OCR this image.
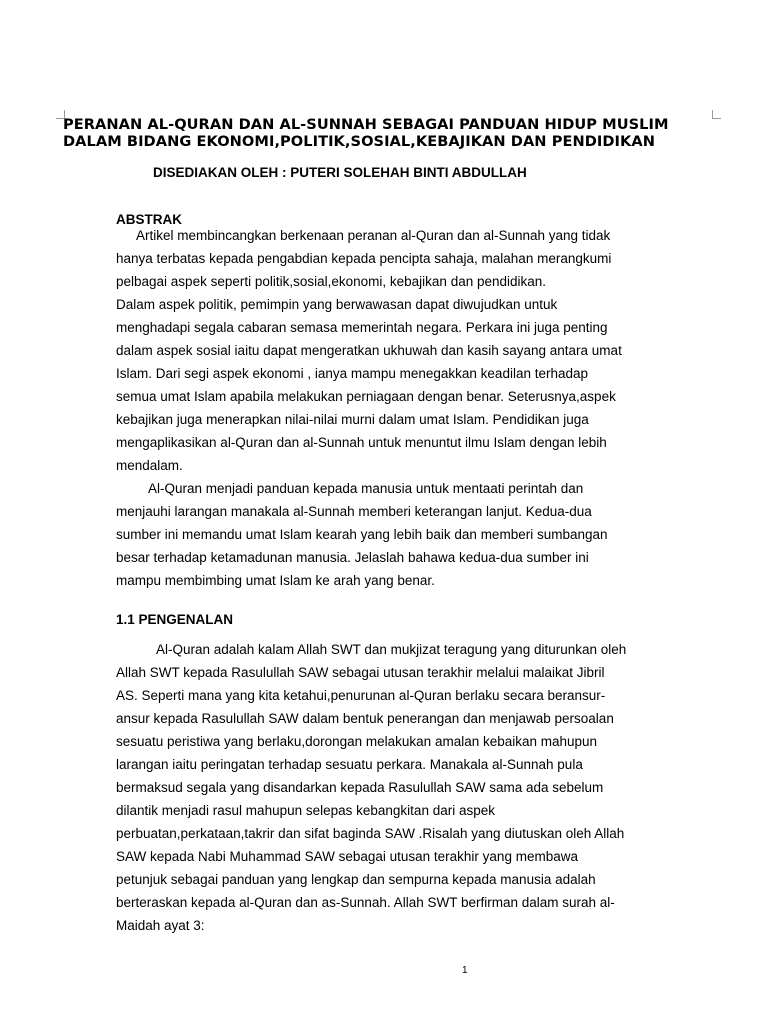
PERANAN AL-QURAN DAN AL-SUNNAH SEBAGAI PANDUAN HIDUP MUSLIM
DALAM BIDANG EKONOMI,POLITIK,SOSIAL,KEBAJIKAN DAN PENDIDIKAN
DISEDIAKAN OLEH : PUTERI SOLEHAH BINTI ABDULLAH
ABSTRAK
Artikel membincangkan berkenaan peranan al-Quran dan al-Sunnah yang tidak
hanya terbatas kepada pengabdian kepada pencipta sahaja, malahan merangkumi
pelbagai aspek seperti politik,sosial,ekonomi, kebajikan dan pendidikan.
Dalam aspek politik, pemimpin yang berwawasan dapat diwujudkan untuk
menghadapi segala cabaran semasa memerintah negara. Perkara ini juga penting
dalam aspek sosial iaitu dapat mengeratkan ukhuwah dan kasih sayang antara umat
Islam. Dari segi aspek ekonomi , ianya mampu menegakkan keadilan terhadap
semua umat Islam apabila melakukan perniagaan dengan benar. Seterusnya,aspek
kebajikan juga menerapkan nilai-nilai murni dalam umat Islam. Pendidikan juga
mengaplikasikan al-Quran dan al-Sunnah untuk menuntut ilmu Islam dengan lebih
mendalam.
Al-Quran menjadi panduan kepada manusia untuk mentaati perintah dan
menjauhi larangan manakala al-Sunnah memberi keterangan lanjut. Kedua-dua
sumber ini memandu umat Islam kearah yang lebih baik dan memberi sumbangan
besar terhadap ketamadunan manusia. Jelaslah bahawa kedua-dua sumber ini
mampu membimbing umat Islam ke arah yang benar.
1.1 PENGENALAN
Al-Quran adalah kalam Allah SWT dan mukjizat teragung yang diturunkan oleh
Allah SWT kepada Rasulullah SAW sebagai utusan terakhir melalui malaikat Jibril
AS. Seperti mana yang kita ketahui,penurunan al-Quran berlaku secara beransur-
ansur kepada Rasulullah SAW dalam bentuk penerangan dan menjawab persoalan
sesuatu peristiwa yang berlaku,dorongan melakukan amalan kebaikan mahupun
larangan iaitu peringatan terhadap sesuatu perkara. Manakala al-Sunnah pula
bermaksud segala yang disandarkan kepada Rasulullah SAW sama ada sebelum
dilantik menjadi rasul mahupun selepas kebangkitan dari aspek
perbuatan,perkataan,takrir dan sifat baginda SAW .Risalah yang diutuskan oleh Allah
SAW kepada Nabi Muhammad SAW sebagai utusan terakhir yang membawa
petunjuk sebagai panduan yang lengkap dan sempurna kepada manusia adalah
berteraskan kepada al-Quran dan as-Sunnah. Allah SWT berfirman dalam surah al-
Maidah ayat 3:
1
